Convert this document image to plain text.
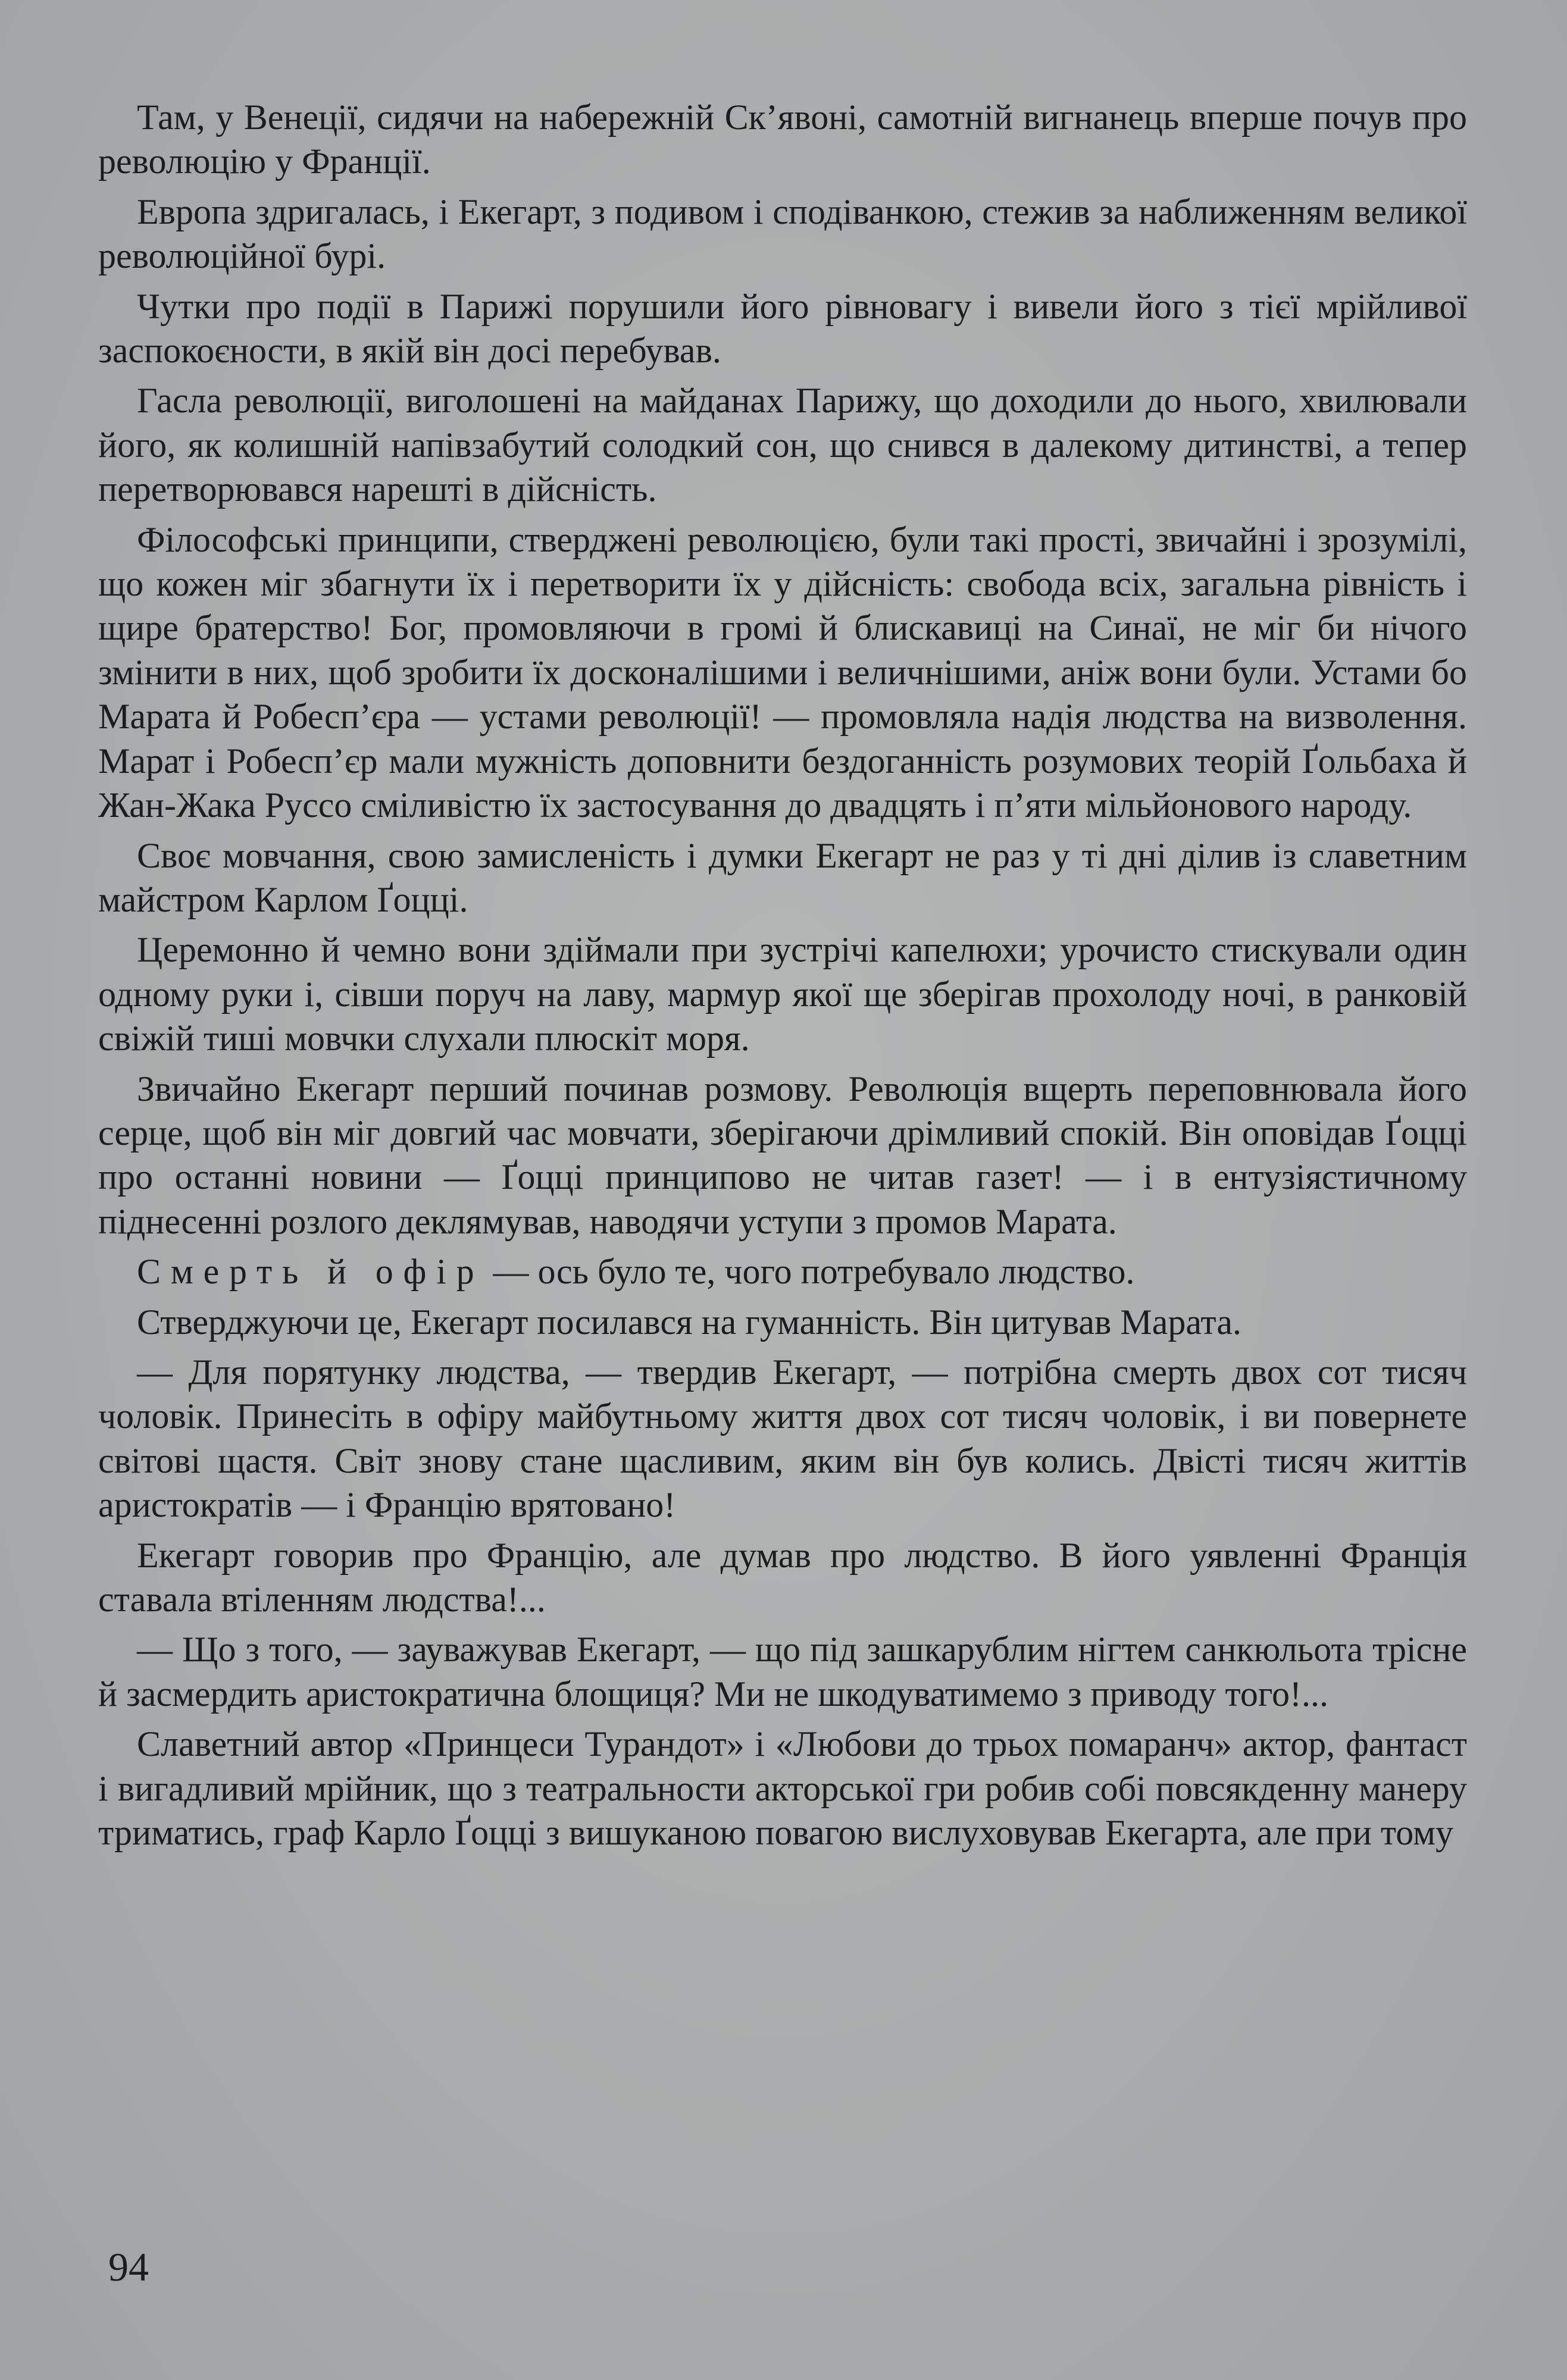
Там, у Венеції, сидячи на набережній Ск’явоні, самотній вигнанець вперше почув про революцію у Франції.

Европа здригалась, і Екегарт, з подивом і сподіванкою, стежив за наближенням великої революційної бурі.

Чутки про події в Парижі порушили його рівновагу і вивели його з тієї мрійливої заспокоєности, в якій він досі перебував.

Гасла революції, виголошені на майданах Парижу, що доходили до нього, хвилювали його, як колишній напівзабутий солодкий сон, що снився в далекому дитинстві, а тепер перетворювався нарешті в дійсність.

Філософські принципи, стверджені революцією, були такі прості, звичайні і зрозумілі, що кожен міг збагнути їх і перетворити їх у дійсність: свобода всіх, загальна рівність і щире братерство! Бог, промовляючи в громі й блискавиці на Синаї, не міг би нічого змінити в них, щоб зробити їх досконалішими і величнішими, аніж вони були. Устами бо Марата й Робесп’єра — устами революції! — промовляла надія людства на визволення. Марат і Робесп’єр мали мужність доповнити бездоганність розумових теорій Ґольбаха й Жан-Жака Руссо сміливістю їх застосування до двадцять і п’яти мільйонового народу.

Своє мовчання, свою замисленість і думки Екегарт не раз у ті дні ділив із славетним майстром Карлом Ґоцці.

Церемонно й чемно вони здіймали при зустрічі капелюхи; урочисто стискували один одному руки і, сівши поруч на лаву, мармур якої ще зберігав прохолоду ночі, в ранковій свіжій тиші мовчки слухали плюскіт моря.

Звичайно Екегарт перший починав розмову. Революція вщерть переповнювала його серце, щоб він міг довгий час мовчати, зберігаючи дрімливий спокій. Він оповідав Ґоцці про останні новини — Ґоцці принципово не читав газет! — і в ентузіястичному піднесенні розлого деклямував, наводячи уступи з промов Марата.

Смерть й офір — ось було те, чого потребувало людство.

Стверджуючи це, Екегарт посилався на гуманність. Він цитував Марата.

— Для порятунку людства, — твердив Екегарт, — потрібна смерть двох сот тисяч чоловік. Принесіть в офіру майбутньому життя двох сот тисяч чоловік, і ви повернете світові щастя. Світ знову стане щасливим, яким він був колись. Двісті тисяч життів аристократів — і Францію врятовано!

Екегарт говорив про Францію, але думав про людство. В його уявленні Франція ставала втіленням людства!...

— Що з того, — зауважував Екегарт, — що під зашкарублим нігтем санкюльота трісне й засмердить аристократична блощиця? Ми не шкодуватимемо з приводу того!...

Славетний автор «Принцеси Турандот» і «Любови до трьох помаранч» актор, фантаст і вигадливий мрійник, що з театральности акторської гри робив собі повсякденну манеру триматись, граф Карло Ґоцці з вишуканою повагою вислуховував Екегарта, але при тому

94
